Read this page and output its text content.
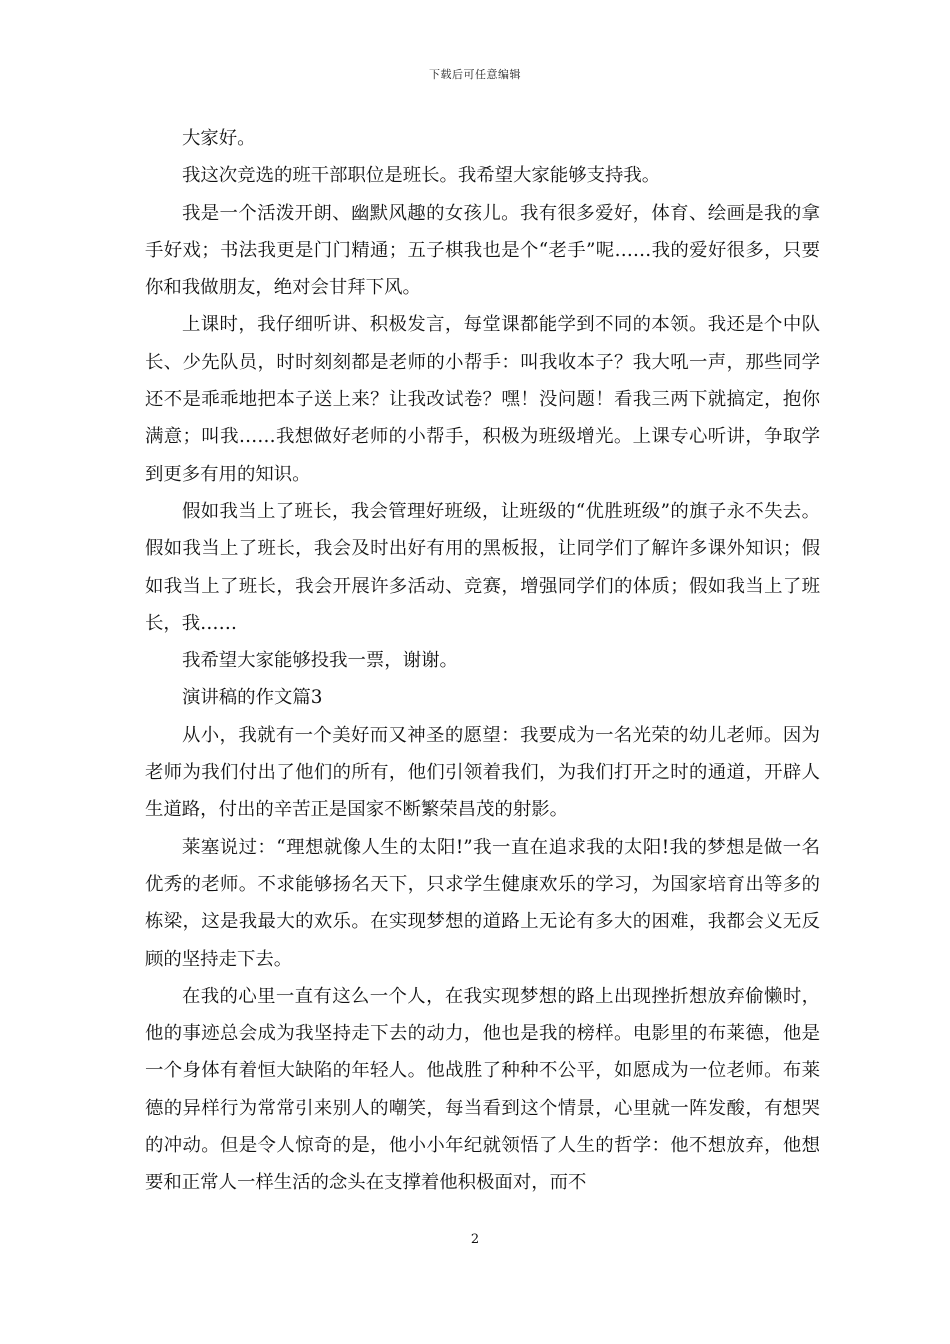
下载后可任意编辑

大家好。

我这次竞选的班干部职位是班长。我希望大家能够支持我。

我是一个活泼开朗、幽默风趣的女孩儿。我有很多爱好，体育、绘画是我的拿手好戏；书法我更是门门精通；五子棋我也是个“老手”呢……我的爱好很多，只要你和我做朋友，绝对会甘拜下风。

上课时，我仔细听讲、积极发言，每堂课都能学到不同的本领。我还是个中队长、少先队员，时时刻刻都是老师的小帮手：叫我收本子？我大吼一声，那些同学还不是乖乖地把本子送上来？让我改试卷？嘿！没问题！看我三两下就搞定，抱你满意；叫我……我想做好老师的小帮手，积极为班级增光。上课专心听讲，争取学到更多有用的知识。

假如我当上了班长，我会管理好班级，让班级的“优胜班级”的旗子永不失去。假如我当上了班长，我会及时出好有用的黑板报，让同学们了解许多课外知识；假如我当上了班长，我会开展许多活动、竞赛，增强同学们的体质；假如我当上了班长，我……

我希望大家能够投我一票，谢谢。

演讲稿的作文篇3

从小，我就有一个美好而又神圣的愿望：我要成为一名光荣的幼儿老师。因为老师为我们付出了他们的所有，他们引领着我们，为我们打开之时的通道，开辟人生道路，付出的辛苦正是国家不断繁荣昌茂的射影。

莱塞说过：“理想就像人生的太阳!”我一直在追求我的太阳!我的梦想是做一名优秀的老师。不求能够扬名天下，只求学生健康欢乐的学习，为国家培育出等多的栋梁，这是我最大的欢乐。在实现梦想的道路上无论有多大的困难，我都会义无反顾的坚持走下去。

在我的心里一直有这么一个人，在我实现梦想的路上出现挫折想放弃偷懒时，他的事迹总会成为我坚持走下去的动力，他也是我的榜样。电影里的布莱德，他是一个身体有着恒大缺陷的年轻人。他战胜了种种不公平，如愿成为一位老师。布莱德的异样行为常常引来别人的嘲笑，每当看到这个情景，心里就一阵发酸，有想哭的冲动。但是令人惊奇的是，他小小年纪就领悟了人生的哲学：他不想放弃，他想要和正常人一样生活的念头在支撑着他积极面对，而不

2
